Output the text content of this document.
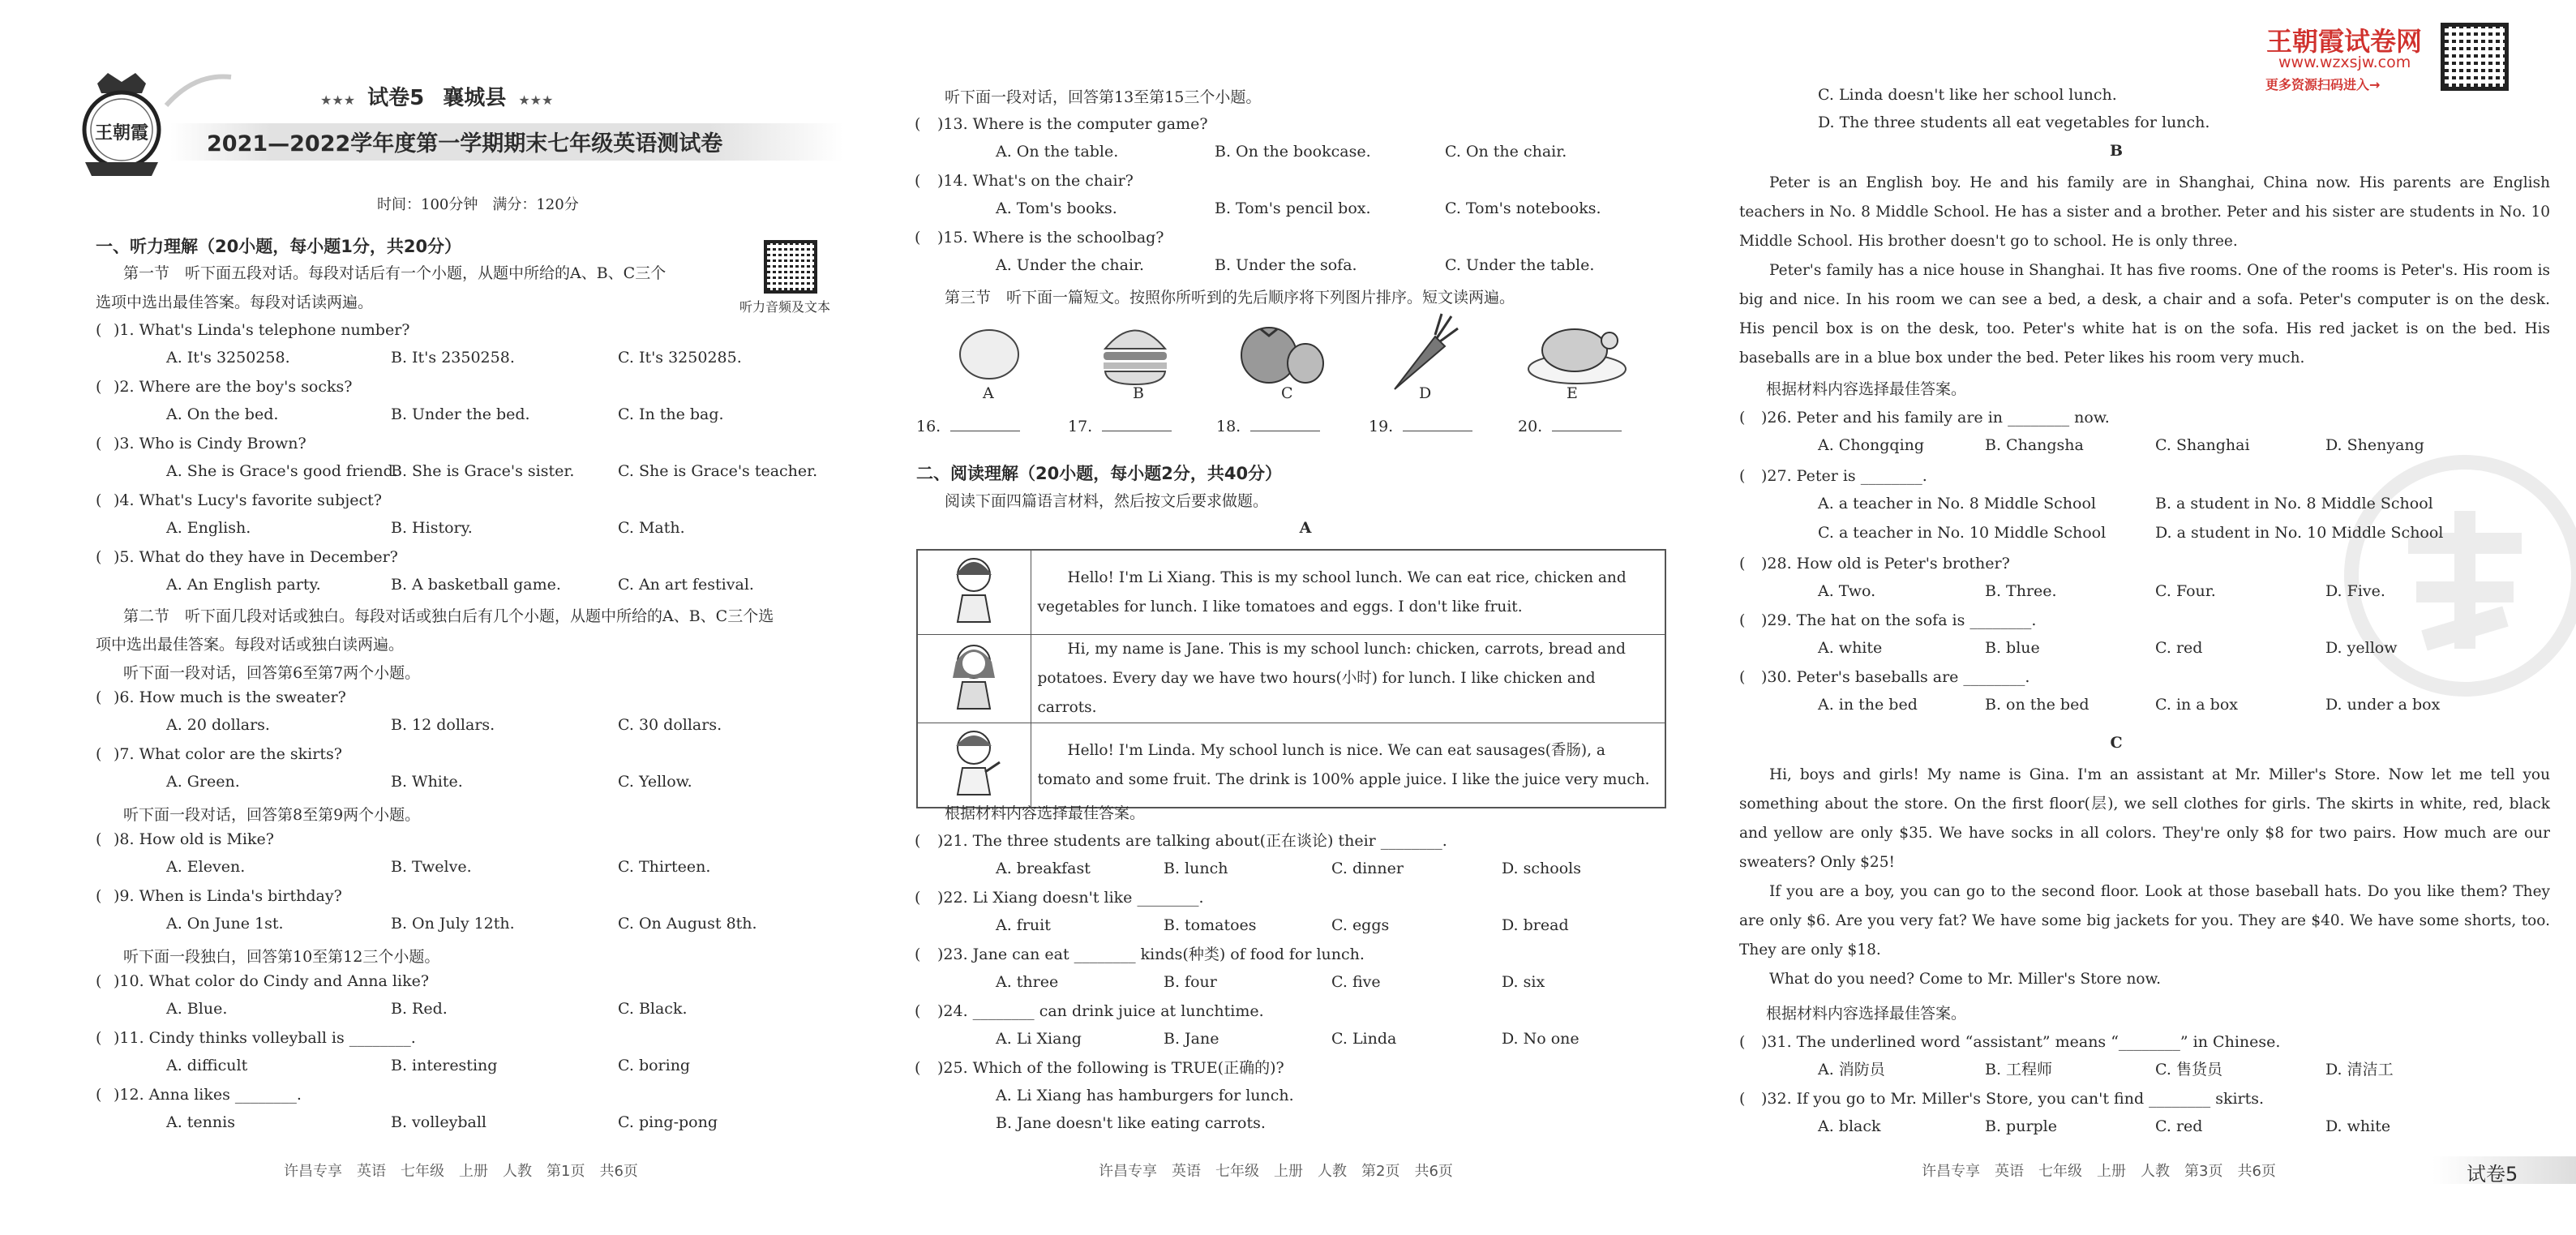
王朝霞
★★★ 试卷5 襄城县 ★★★
2021—2022学年度第一学期期末七年级英语测试卷
时间：100分钟　满分：120分
听力音频及文本
一、听力理解（20小题，每小题1分，共20分）
第一节　听下面五段对话。每段对话后有一个小题，从题中所给的A、B、C三个
选项中选出最佳答案。每段对话读两遍。
第二节　听下面几段对话或独白。每段对话或独白后有几个小题，从题中所给的A、B、C三个选
项中选出最佳答案。每段对话或独白读两遍。
听下面一段对话，回答第6至第7两个小题。
听下面一段对话，回答第8至第9两个小题。
听下面一段独白，回答第10至第12三个小题。
许昌专享　英语　七年级　上册　人教　第1页　共6页
( )1. What's Linda's telephone number?
A. It's 3250258.	B. It's 2350258.	C. It's 3250285.
( )2. Where are the boy's socks?
A. On the bed.	B. Under the bed.	C. In the bag.
( )3. Who is Cindy Brown?
A. She is Grace's good friend.
B. She is Grace's sister.	C. She is Grace's teacher.
( )4. What's Lucy's favorite subject?
A. English.	B. History.	C. Math.
( )5. What do they have in December?
A. An English party.	B. A basketball game.	C. An art festival.
( )6. How much is the sweater?
A. 20 dollars.	B. 12 dollars.	C. 30 dollars.
( )7. What color are the skirts?
A. Green.	B. White.	C. Yellow.
( )8. How old is Mike?
A. Eleven.	B. Twelve.	C. Thirteen.
( )9. When is Linda's birthday?
A. On June 1st.	B. On July 12th.	C. On August 8th.
( )10. What color do Cindy and Anna like?
A. Blue.	B. Red.	C. Black.
( )11. Cindy thinks volleyball is ________.
A. difficult	B. interesting	C. boring
( )12. Anna likes ________.
A. tennis	B. volleyball	C. ping-pong
听下面一段对话，回答第13至第15三个小题。
第三节　听下面一篇短文。按照你所听到的先后顺序将下列图片排序。短文读两遍。
二、阅读理解（20小题，每小题2分，共40分）
阅读下面四篇语言材料，然后按文后要求做题。
A
	Hello! I'm Li Xiang. This is my school lunch. We can eat rice, chicken and vegetables for lunch. I like tomatoes and eggs. I don't like fruit.
	Hi, my name is Jane. This is my school lunch: chicken, carrots, bread and potatoes. Every day we have two hours(小时) for lunch. I like chicken and carrots.
	Hello! I'm Linda. My school lunch is nice. We can eat sausages(香肠), a tomato and some fruit. The drink is 100% apple juice. I like the juice very much.
根据材料内容选择最佳答案。
许昌专享　英语　七年级　上册　人教　第2页　共6页
( )13. Where is the computer game?
A. On the table.	B. On the bookcase.	C. On the chair.
( )14. What's on the chair?
A. Tom's books.	B. Tom's pencil box.	C. Tom's notebooks.
( )15. Where is the schoolbag?
A. Under the chair.	B. Under the sofa.	C. Under the table.
A	B	C	D	E
16.	17.	18.	19.	20.
( )21. The three students are talking about(正在谈论) their ________.
A. breakfast	B. lunch	C. dinner	D. schools
( )22. Li Xiang doesn't like ________.
A. fruit	B. tomatoes	C. eggs	D. bread
( )23. Jane can eat ________ kinds(种类) of food for lunch.
A. three	B. four	C. five	D. six
( )24. ________ can drink juice at lunchtime.
A. Li Xiang	B. Jane	C. Linda	D. No one
( )25. Which of the following is TRUE(正确的)?
A. Li Xiang has hamburgers for lunch.
B. Jane doesn't like eating carrots.
王朝霞试卷网
www.wzxsjw.com
更多资源扫码进入→
B
Peter is an English boy. He and his family are in Shanghai, China now. His parents are English teachers in No. 8 Middle School. He has a sister and a brother. Peter and his sister are students in No. 10 Middle School. His brother doesn't go to school. He is only three.
Peter's family has a nice house in Shanghai. It has five rooms. One of the rooms is Peter's. His room is big and nice. In his room we can see a bed, a desk, a chair and a sofa. Peter's computer is on the desk. His pencil box is on the desk, too. Peter's white hat is on the sofa. His red jacket is on the bed. His baseballs are in a blue box under the bed. Peter likes his room very much.
根据材料内容选择最佳答案。
C
Hi, boys and girls! My name is Gina. I'm an assistant at Mr. Miller's Store. Now let me tell you something about the store. On the first floor(层), we sell clothes for girls. The skirts in white, red, black and yellow are only $35. We have socks in all colors. They're only $8 for two pairs. How much are our sweaters? Only $25!
If you are a boy, you can go to the second floor. Look at those baseball hats. Do you like them? They are only $6. Are you very fat? We have some big jackets for you. They are $40. We have some shorts, too. They are only $18.
What do you need? Come to Mr. Miller's Store now.
根据材料内容选择最佳答案。
许昌专享　英语　七年级　上册　人教　第3页　共6页	试卷5
C. Linda doesn't like her school lunch.
D. The three students all eat vegetables for lunch.
( )26. Peter and his family are in ________ now.
A. Chongqing	B. Changsha	C. Shanghai	D. Shenyang
( )27. Peter is ________.
A. a teacher in No. 8 Middle School	B. a student in No. 8 Middle School
C. a teacher in No. 10 Middle School	D. a student in No. 10 Middle School
( )28. How old is Peter's brother?
A. Two.	B. Three.	C. Four.	D. Five.
( )29. The hat on the sofa is ________.
A. white	B. blue	C. red	D. yellow
( )30. Peter's baseballs are ________.
A. in the bed	B. on the bed	C. in a box	D. under a box
( )31. The underlined word “assistant” means “________” in Chinese.
A. 消防员	B. 工程师	C. 售货员	D. 清洁工
( )32. If you go to Mr. Miller's Store, you can't find ________ skirts.
A. black	B. purple	C. red	D. white
